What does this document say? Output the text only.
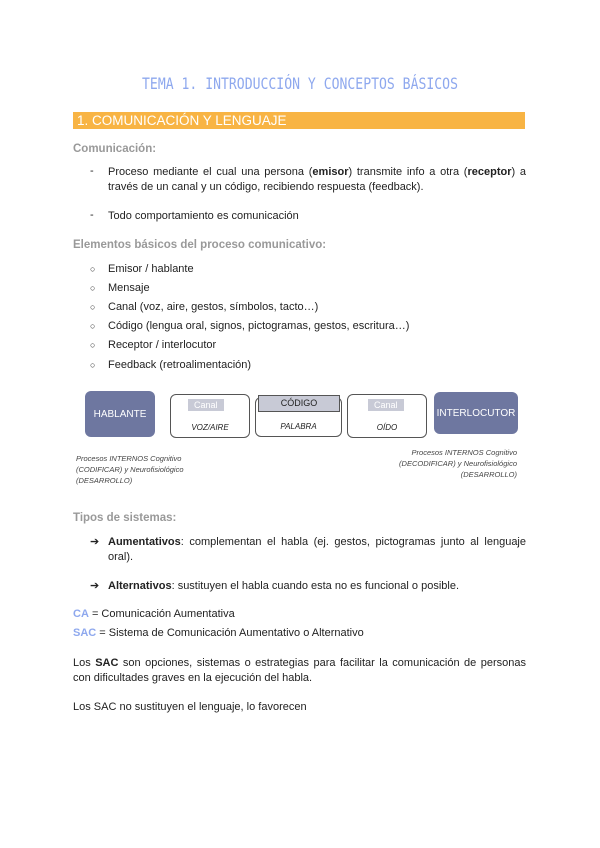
TEMA 1. INTRODUCCIÓN Y CONCEPTOS BÁSICOS
1. COMUNICACIÓN Y LENGUAJE
Comunicación:
- Proceso mediante el cual una persona (emisor) transmite info a otra (receptor) a través de un canal y un código, recibiendo respuesta (feedback).
- Todo comportamiento es comunicación
Elementos básicos del proceso comunicativo:
○ Emisor / hablante
○ Mensaje
○ Canal (voz, aire, gestos, símbolos, tacto…)
○ Código (lengua oral, signos, pictogramas, gestos, escritura…)
○ Receptor / interlocutor
○ Feedback (retroalimentación)
HABLANTE
VOZ/AIRE
Canal
PALABRA
CÓDIGO
OÍDO
Canal
INTERLOCUTOR
Procesos INTERNOS Cognitivo
(CODIFICAR) y Neurofisiológico
(DESARROLLO)
Procesos INTERNOS Cognitivo
(DECODIFICAR) y Neurofisiológico
(DESARROLLO)
Tipos de sistemas:
➔ Aumentativos: complementan el habla (ej. gestos, pictogramas junto al lenguaje oral).
➔ Alternativos: sustituyen el habla cuando esta no es funcional o posible.
CA = Comunicación Aumentativa
SAC = Sistema de Comunicación Aumentativo o Alternativo
Los SAC son opciones, sistemas o estrategias para facilitar la comunicación de personas con dificultades graves en la ejecución del habla.
Los SAC no sustituyen el lenguaje, lo favorecen
